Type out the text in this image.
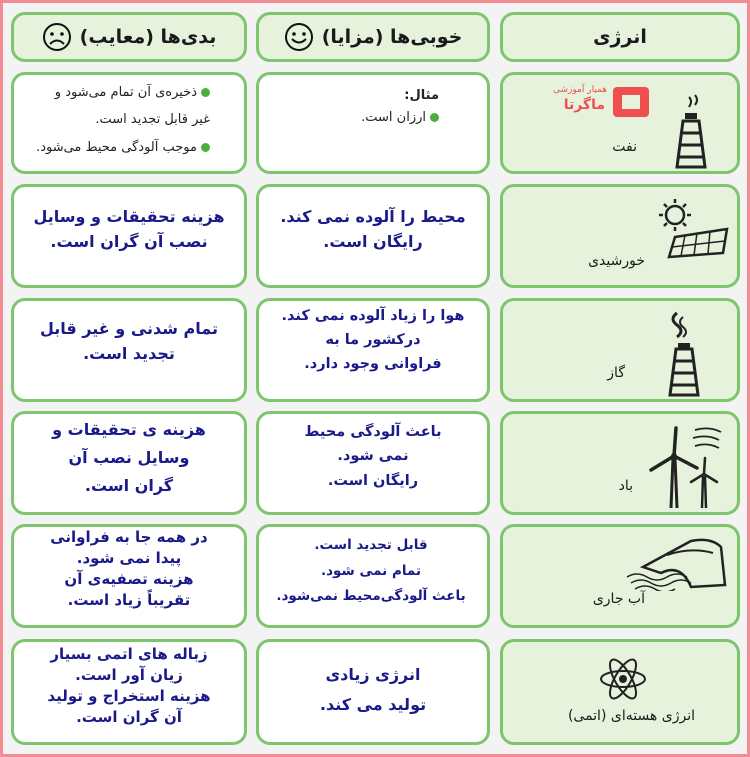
انرژی
خوبی‌ها (مزایا)
بدی‌ها (معایب)
همیار آموزشی
ماگرتا
نفت
مثال:
ارزان است.
ذخیره‌ی آن تمام می‌شود و
غیر قابل تجدید است.
موجب آلودگی محیط می‌شود.
خورشیدی
محیط را آلوده نمی کند.
رایگان است.
هزینه تحقیقات و وسایل
نصب آن گران است.
گاز
هوا را زیاد آلوده نمی کند.
درکشور ما به
فراوانی وجود دارد.
تمام شدنی و غیر قابل
تجدید است.
باد
باعث آلودگی محیط
نمی شود.
رایگان است.
هزینه ی تحقیقات و
وسایل نصب آن
گران است.
آب جاری
قابل تجدید است.
تمام نمی شود.
باعث آلودگی‌محیط نمی‌شود.
در همه جا به فراوانی
پیدا نمی شود.
هزینه تصفیه‌ی آن
تقریباً زیاد است.
انرژی هسته‌ای (اتمی)
انرژی زیادی
تولید می کند.
زباله های اتمی بسیار
زیان آور است.
هزینه استخراج و تولید
آن گران است.
